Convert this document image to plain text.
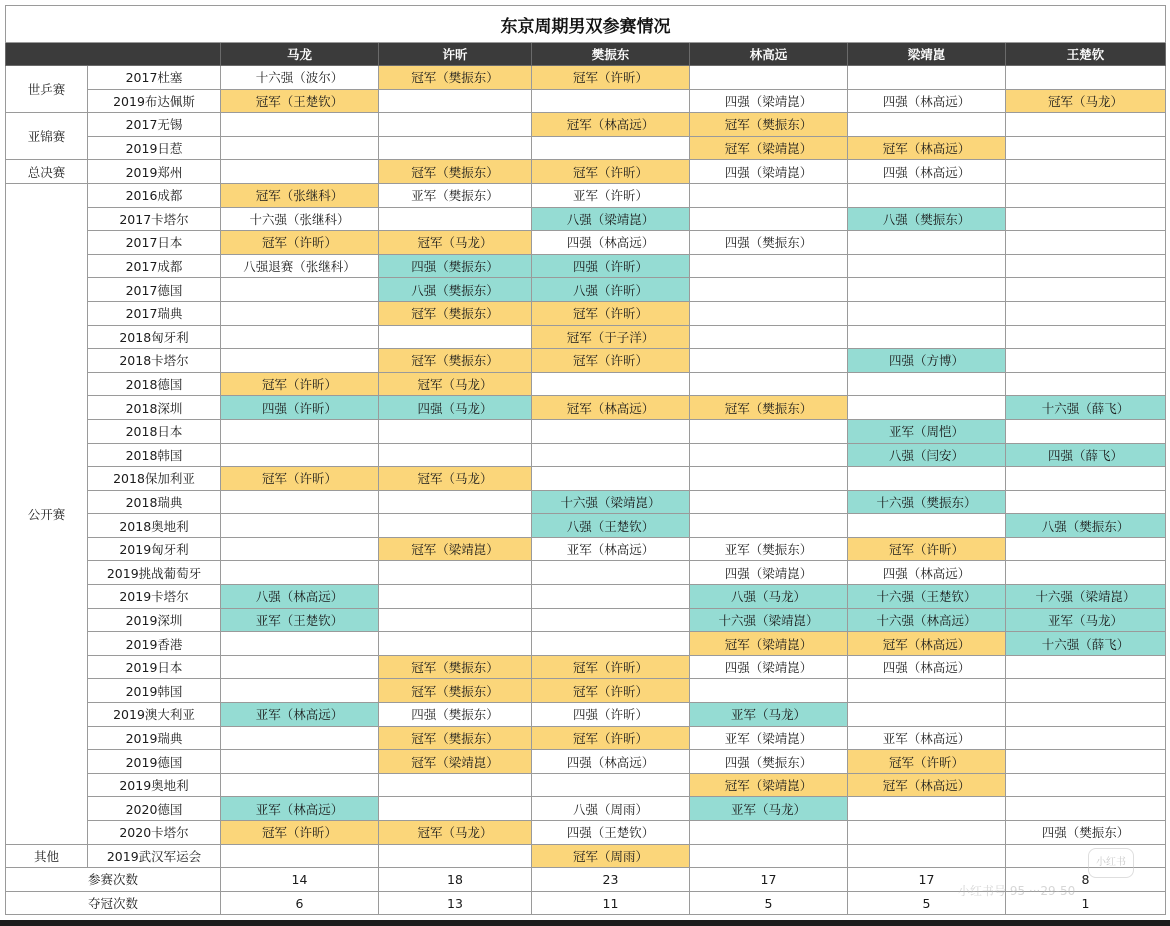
东京周期男双参赛情况							
		马龙	许昕	樊振东	林高远	梁靖崑	王楚钦
世乒赛	2017杜塞	十六强（波尔）	冠军（樊振东）	冠军（许昕）			
	2019布达佩斯	冠军（王楚钦）			四强（梁靖崑）	四强（林高远）	冠军（马龙）
亚锦赛	2017无锡			冠军（林高远）	冠军（樊振东）		
	2019日惹				冠军（梁靖崑）	冠军（林高远）	
总决赛	2019郑州		冠军（樊振东）	冠军（许昕）	四强（梁靖崑）	四强（林高远）	
公开赛	2016成都	冠军（张继科）	亚军（樊振东）	亚军（许昕）			
	2017卡塔尔	十六强（张继科）		八强（梁靖崑）		八强（樊振东）	
	2017日本	冠军（许昕）	冠军（马龙）	四强（林高远）	四强（樊振东）		
	2017成都	八强退赛（张继科）	四强（樊振东）	四强（许昕）			
	2017德国		八强（樊振东）	八强（许昕）			
	2017瑞典		冠军（樊振东）	冠军（许昕）			
	2018匈牙利			冠军（于子洋）			
	2018卡塔尔		冠军（樊振东）	冠军（许昕）		四强（方博）	
	2018德国	冠军（许昕）	冠军（马龙）				
	2018深圳	四强（许昕）	四强（马龙）	冠军（林高远）	冠军（樊振东）		十六强（薛飞）
	2018日本					亚军（周恺）	
	2018韩国					八强（闫安）	四强（薛飞）
	2018保加利亚	冠军（许昕）	冠军（马龙）				
	2018瑞典			十六强（梁靖崑）		十六强（樊振东）	
	2018奥地利			八强（王楚钦）			八强（樊振东）
	2019匈牙利		冠军（梁靖崑）	亚军（林高远）	亚军（樊振东）	冠军（许昕）	
	2019挑战葡萄牙				四强（梁靖崑）	四强（林高远）	
	2019卡塔尔	八强（林高远）			八强（马龙）	十六强（王楚钦）	十六强（梁靖崑）
	2019深圳	亚军（王楚钦）			十六强（梁靖崑）	十六强（林高远）	亚军（马龙）
	2019香港				冠军（梁靖崑）	冠军（林高远）	十六强（薛飞）
	2019日本		冠军（樊振东）	冠军（许昕）	四强（梁靖崑）	四强（林高远）	
	2019韩国		冠军（樊振东）	冠军（许昕）			
	2019澳大利亚	亚军（林高远）	四强（樊振东）	四强（许昕）	亚军（马龙）		
	2019瑞典		冠军（樊振东）	冠军（许昕）	亚军（梁靖崑）	亚军（林高远）	
	2019德国		冠军（梁靖崑）	四强（林高远）	四强（樊振东）	冠军（许昕）	
	2019奥地利				冠军（梁靖崑）	冠军（林高远）	
	2020德国	亚军（林高远）		八强（周雨）	亚军（马龙）		
	2020卡塔尔	冠军（许昕）	冠军（马龙）	四强（王楚钦）			四强（樊振东）
其他	2019武汉军运会			冠军（周雨）			
参赛次数		14	18	23	17	17	8
夺冠次数		6	13	11	5	5	1
小红书号 95 ···29-50
小红书
